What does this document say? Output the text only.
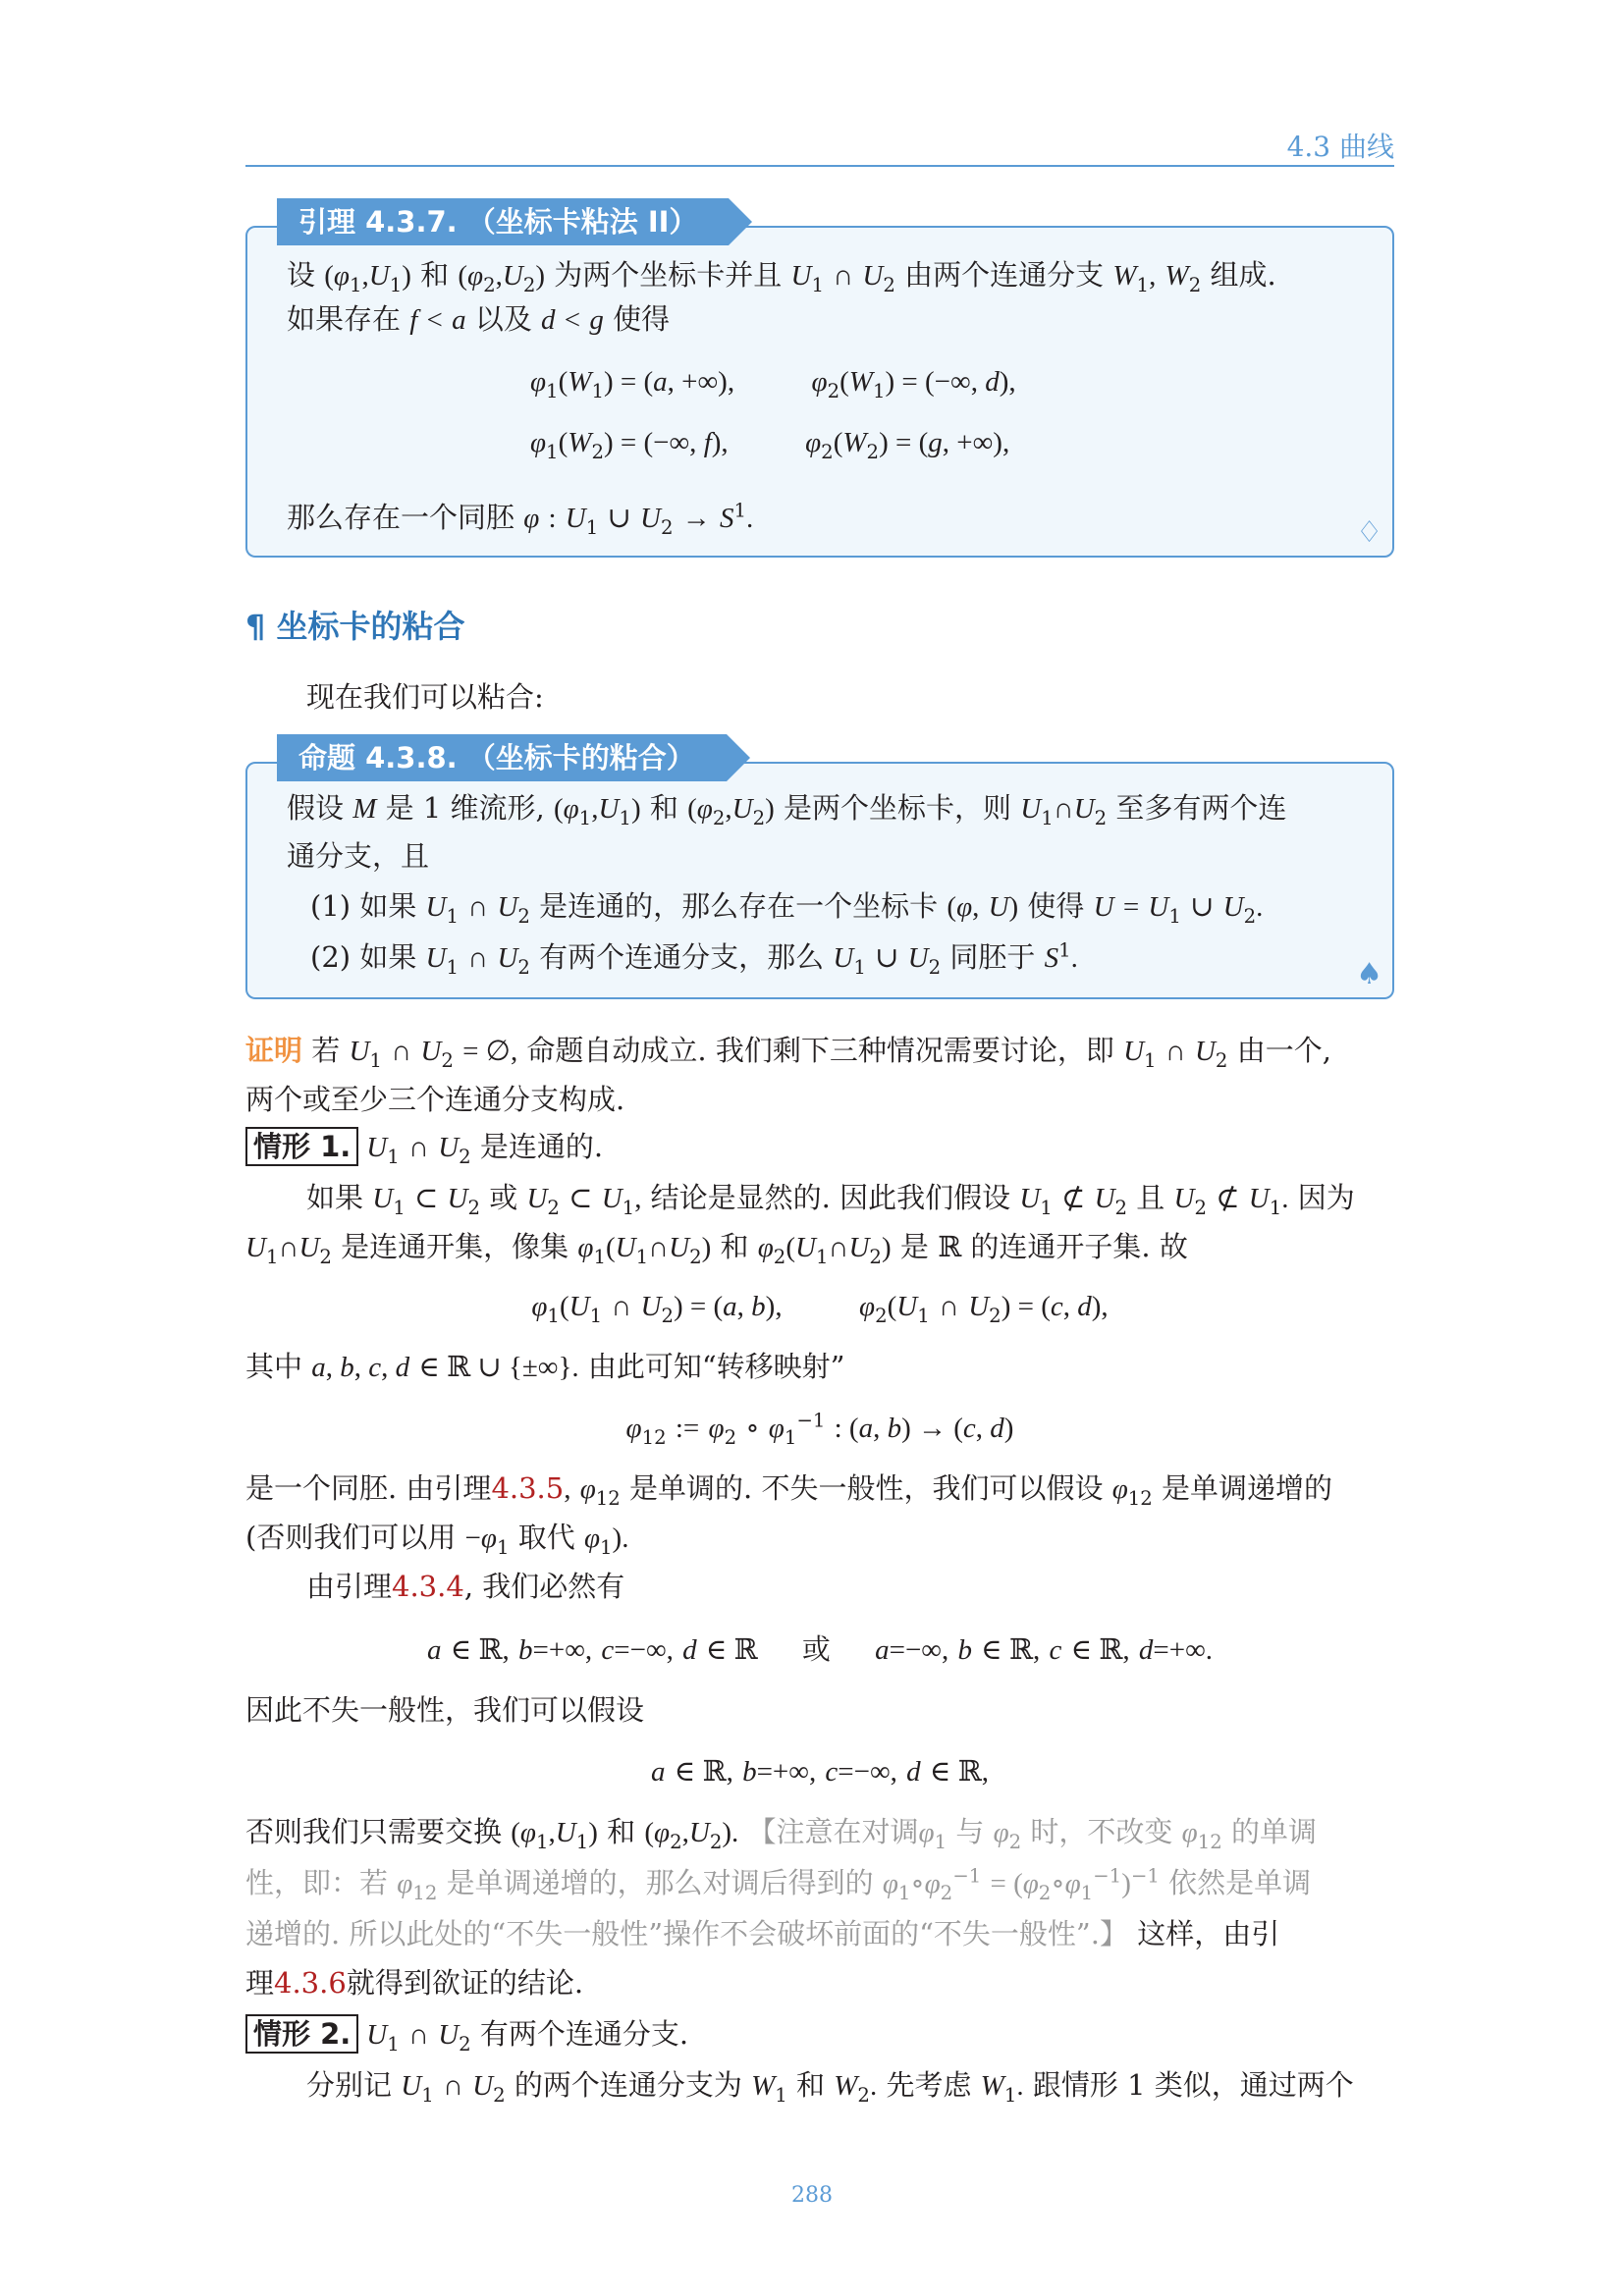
4.3 曲线
引理 4.3.7. （坐标卡粘法 II）
♢
设 $(\varphi_1,U_1)$ 和 $(\varphi_2,U_2)$ 为两个坐标卡并且 $U_1$ ∩ $U_2$ 由两个连通分支 $W_1$, $W_2$ 组成.
如果存在 f < a 以及 d < g 使得
$\varphi_1(W_1) = (a$, +∞),	$\varphi_2(W_1)$ = (−∞, d),
$\varphi_1(W_2)$ = (−∞, f),	$\varphi_2(W_2) = (g$, +∞),
那么存在一个同胚 φ : $U_1$ ∪ $U_2 \to S^1$.
¶ 坐标卡的粘合
现在我们可以粘合:
命题 4.3.8. （坐标卡的粘合）
♠
假设 M 是 1 维流形, $(\varphi_1,U_1)$ 和 $(\varphi_2,U_2)$ 是两个坐标卡，则 $U_1\cap U_2$ 至多有两个连
通分支，且
(1) 如果 $U_1$ ∩ $U_2$ 是连通的，那么存在一个坐标卡 (φ, U) 使得 $U = U_1$ ∪ $U_2$.
(2) 如果 $U_1$ ∩ $U_2$ 有两个连通分支，那么 $U_1$ ∪ $U_2$ 同胚于 $S^1$.
证明 若 $U_1$ ∩ $U_2$ = ∅, 命题自动成立. 我们剩下三种情况需要讨论，即 $U_1$ ∩ $U_2$ 由一个,
两个或至少三个连通分支构成.
情形 1. $U_1$ ∩ $U_2$ 是连通的.
如果 $U_1$ ⊂ $U_2$ 或 $U_2$ ⊂ $U_1$, 结论是显然的. 因此我们假设 $U_1$ ⊄ $U_2$ 且 $U_2$ ⊄ $U_1$. 因为
$U_1\cap U_2$ 是连通开集，像集 $\varphi_1(U_1\cap U_2)$ 和 $\varphi_2(U_1\cap U_2)$ 是 ℝ 的连通开子集. 故
$\varphi_1(U_1$ ∩ $U_2) = (a$, b),	$\varphi_2(U_1$ ∩ $U_2) = (c$, d),
其中 a, b, c, d ∈ ℝ ∪ {±∞}. 由此可知“转移映射”
$\varphi_{12}$ := $\varphi_2$ ∘ $\varphi_1^{-1}$ : (a, b) → (c, d)
是一个同胚. 由引理4.3.5, $\varphi_{12}$ 是单调的. 不失一般性，我们可以假设 $\varphi_{12}$ 是单调递增的
(否则我们可以用 $-\varphi_1$ 取代 $\varphi_1$).
由引理4.3.4, 我们必然有
a ∈ ℝ, b=+∞, c=−∞, d ∈ ℝ 或 a=−∞, b ∈ ℝ, c ∈ ℝ, d=+∞.
因此不失一般性，我们可以假设
a ∈ ℝ, b=+∞, c=−∞, d ∈ ℝ,
否则我们只需要交换 $(\varphi_1,U_1)$ 和 $(\varphi_2,U_2)$. 【注意在对调$\varphi_1$ 与 $\varphi_2$ 时，不改变 $\varphi_{12}$ 的单调
性，即：若 $\varphi_{12}$ 是单调递增的，那么对调后得到的 $\varphi_1\circ\varphi_2^{-1}$ = $(\varphi_2\circ\varphi_1^{-1})^{-1}$ 依然是单调
递增的. 所以此处的“不失一般性”操作不会破坏前面的“不失一般性”.】 这样，由引
理4.3.6就得到欲证的结论.
情形 2. $U_1$ ∩ $U_2$ 有两个连通分支.
分别记 $U_1$ ∩ $U_2$ 的两个连通分支为 $W_1$ 和 $W_2$. 先考虑 $W_1$. 跟情形 1 类似，通过两个
288
